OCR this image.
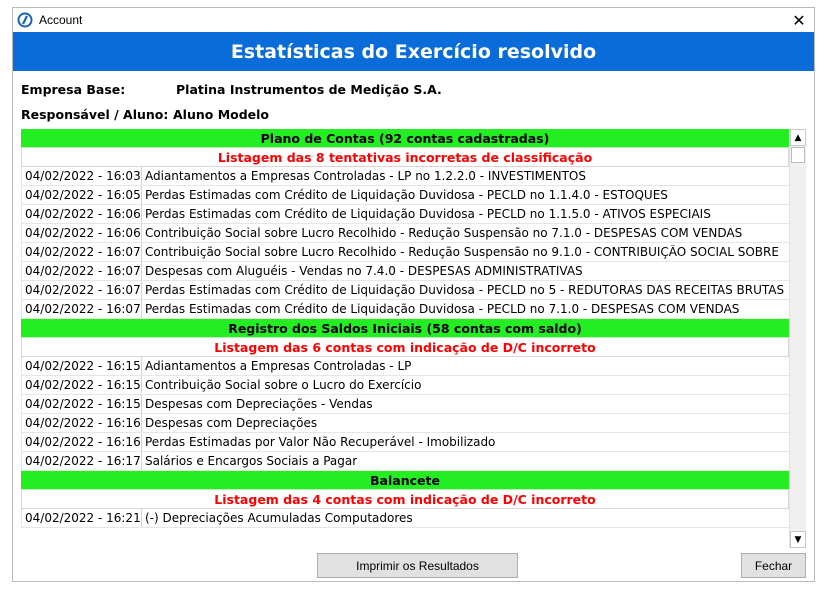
Account	✕
Estatísticas do Exercício resolvido
Empresa Base:	Platina Instrumentos de Medição S.A.
Responsável / Aluno: Aluno Modelo
Plano de Contas (92 contas cadastradas)
Listagem das 8 tentativas incorretas de classificação
04/02/2022 - 16:03 Adiantamentos a Empresas Controladas - LP no 1.2.2.0 - INVESTIMENTOS
04/02/2022 - 16:05 Perdas Estimadas com Crédito de Liquidação Duvidosa - PECLD no 1.1.4.0 - ESTOQUES
04/02/2022 - 16:06 Perdas Estimadas com Crédito de Liquidação Duvidosa - PECLD no 1.1.5.0 - ATIVOS ESPECIAIS
04/02/2022 - 16:06 Contribuição Social sobre Lucro Recolhido - Redução Suspensão no 7.1.0 - DESPESAS COM VENDAS
04/02/2022 - 16:07 Contribuição Social sobre Lucro Recolhido - Redução Suspensão no 9.1.0 - CONTRIBUIÇÃO SOCIAL SOBRE
04/02/2022 - 16:07 Despesas com Aluguéis - Vendas no 7.4.0 - DESPESAS ADMINISTRATIVAS
04/02/2022 - 16:07 Perdas Estimadas com Crédito de Liquidação Duvidosa - PECLD no 5 - REDUTORAS DAS RECEITAS BRUTAS
04/02/2022 - 16:07 Perdas Estimadas com Crédito de Liquidação Duvidosa - PECLD no 7.1.0 - DESPESAS COM VENDAS
Registro dos Saldos Iniciais (58 contas com saldo)
Listagem das 6 contas com indicação de D/C incorreto
04/02/2022 - 16:15 Adiantamentos a Empresas Controladas - LP
04/02/2022 - 16:15 Contribuição Social sobre o Lucro do Exercício
04/02/2022 - 16:15 Despesas com Depreciações - Vendas
04/02/2022 - 16:16 Despesas com Depreciações
04/02/2022 - 16:16 Perdas Estimadas por Valor Não Recuperável - Imobilizado
04/02/2022 - 16:17 Salários e Encargos Sociais a Pagar
Balancete
Listagem das 4 contas com indicação de D/C incorreto
04/02/2022 - 16:21 (-) Depreciações Acumuladas Computadores
▲
▼
Imprimir os Resultados	Fechar
